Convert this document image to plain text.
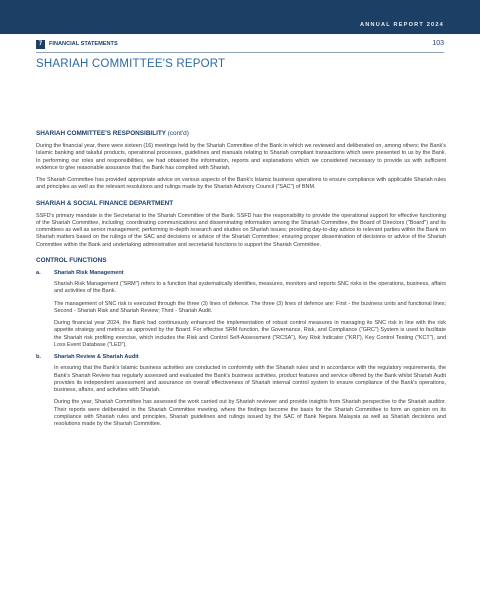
ANNUAL REPORT 2024
7	FINANCIAL STATEMENTS	103
SHARIAH COMMITTEE'S REPORT
SHARIAH COMMITTEE'S RESPONSIBILITY (cont'd)

During the financial year, there were sixteen (16) meetings held by the Shariah Committee of the Bank in which we reviewed and deliberated on, among others; the Bank's Islamic banking and takaful products, operational processes, guidelines and manuals relating to Shariah compliant transactions which were presented to us by the Bank. In performing our roles and responsibilities, we had obtained the information, reports and explanations which we considered necessary to provide us with sufficient evidence to give reasonable assurance that the Bank has complied with Shariah.

The Shariah Committee has provided appropriate advice on various aspects of the Bank's Islamic business operations to ensure compliance with applicable Shariah rules and principles as well as the relevant resolutions and rulings made by the Shariah Advisory Council ("SAC") of BNM.

SHARIAH & SOCIAL FINANCE DEPARTMENT

SSFD's primary mandate is the Secretariat to the Shariah Committee of the Bank. SSFD has the responsibility to provide the operational support for effective functioning of the Shariah Committee, including; coordinating communications and disseminating information among the Shariah Committee, the Board of Directors ("Board") and its committees as well as senior management; performing in-depth research and studies on Shariah issues; providing day-to-day advice to relevant parties within the Bank on Shariah matters based on the rulings of the SAC and decisions or advice of the Shariah Committee; ensuring proper dissemination of decisions or advice of the Shariah Committee within the Bank and undertaking administrative and secretarial functions to support the Shariah Committee.

CONTROL FUNCTIONS
a. Shariah Risk Management

Shariah Risk Management ("SRM") refers to a function that systematically identifies, measures, monitors and reports SNC risks in the operations, business, affairs and activities of the Bank.

The management of SNC risk is executed through the three (3) lines of defence. The three (3) lines of defence are: First - the business units and functional lines; Second - Shariah Risk and Shariah Review; Third - Shariah Audit.

During financial year 2024, the Bank had continuously enhanced the implementation of robust control measures in managing its SNC risk in line with the risk appetite strategy and metrics as approved by the Board. For effective SRM function, the Governance, Risk, and Compliance ("GRC") System is used to facilitate the Shariah risk profiling exercise, which includes the Risk and Control Self-Assessment ("RCSA"), Key Risk Indicator ("KRI"), Key Control Testing ("KCT"), and Loss Event Database ("LED").

b. Shariah Review & Shariah Audit

In ensuring that the Bank's Islamic business activities are conducted in conformity with the Shariah rules and in accordance with the regulatory requirements, the Bank's Shariah Review has regularly assessed and evaluated the Bank's business activities, product features and service offered by the Bank whilst Shariah Audit provides its independent assessment and assurance on overall effectiveness of Shariah internal control system to ensure compliance of the Bank's operations, business, affairs, and activities with Shariah.

During the year, Shariah Committee has assessed the work carried out by Shariah reviewer and provide insights from Shariah perspective to the Shariah auditor. Their reports were deliberated in the Shariah Committee meeting, where the findings become the basis for the Shariah Committee to form an opinion on its compliance with Shariah rules and principles, Shariah guidelines and rulings issued by the SAC of Bank Negara Malaysia as well as Shariah decisions and resolutions made by the Shariah Committee.
